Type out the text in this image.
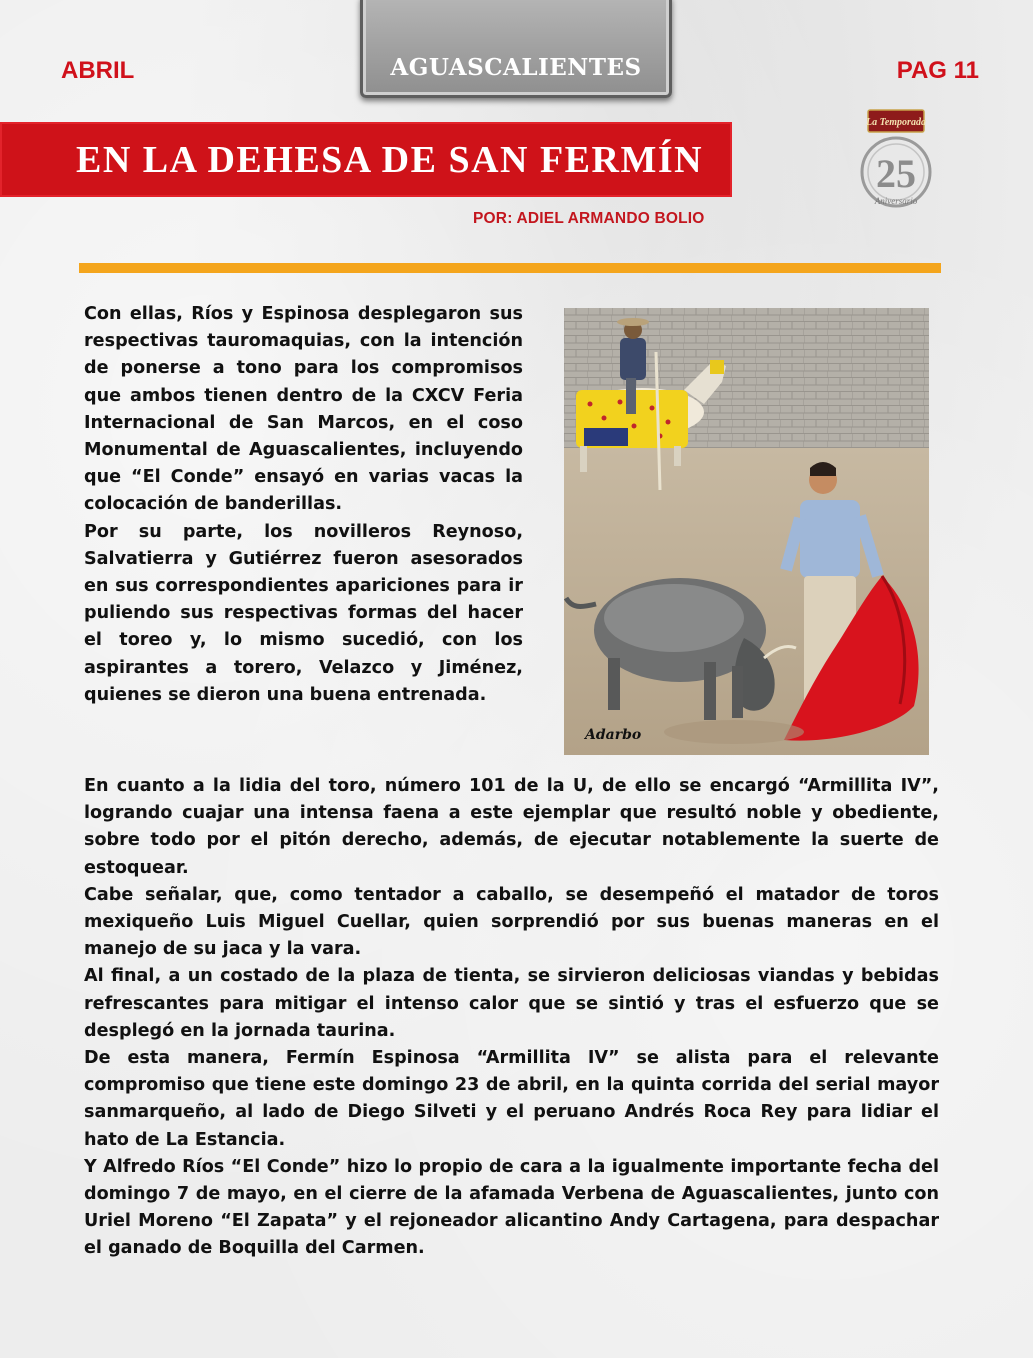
ABRIL	AGUASCALIENTES	PAG 11
EN LA DEHESA DE SAN FERMÍN
La Temporada
25
Aniversario
POR: ADIEL ARMANDO BOLIO

Con ellas, Ríos y Espinosa desplegaron sus respectivas tauromaquias, con la intención de ponerse a tono para los compromisos que ambos tienen dentro de la CXCV Feria Internacional de San Marcos, en el coso Monumental de Aguascalientes, incluyendo que “El Conde” ensayó en varias vacas la colocación de banderillas.

Por su parte, los novilleros Reynoso, Salvatierra y Gutiérrez fueron asesorados en sus correspondientes apariciones para ir puliendo sus respectivas formas del hacer el toreo y, lo mismo sucedió, con los aspirantes a torero, Velazco y Jiménez, quienes se dieron una buena entrenada.

Adarbo

En cuanto a la lidia del toro, número 101 de la U, de ello se encargó “Armillita IV”, logrando cuajar una intensa faena a este ejemplar que resultó noble y obediente, sobre todo por el pitón derecho, además, de ejecutar notablemente la suerte de estoquear.

Cabe señalar, que, como tentador a caballo, se desempeñó el matador de toros mexiqueño Luis Miguel Cuellar, quien sorprendió por sus buenas maneras en el manejo de su jaca y la vara.

Al final, a un costado de la plaza de tienta, se sirvieron deliciosas viandas y bebidas refrescantes para mitigar el intenso calor que se sintió y tras el esfuerzo que se desplegó en la jornada taurina.

De esta manera, Fermín Espinosa “Armillita IV” se alista para el relevante compromiso que tiene este domingo 23 de abril, en la quinta corrida del serial mayor sanmarqueño, al lado de Diego Silveti y el peruano Andrés Roca Rey para lidiar el hato de La Estancia.

Y Alfredo Ríos “El Conde” hizo lo propio de cara a la igualmente importante fecha del domingo 7 de mayo, en el cierre de la afamada Verbena de Aguascalientes, junto con Uriel Moreno “El Zapata” y el rejoneador alicantino Andy Cartagena, para despachar el ganado de Boquilla del Carmen.
